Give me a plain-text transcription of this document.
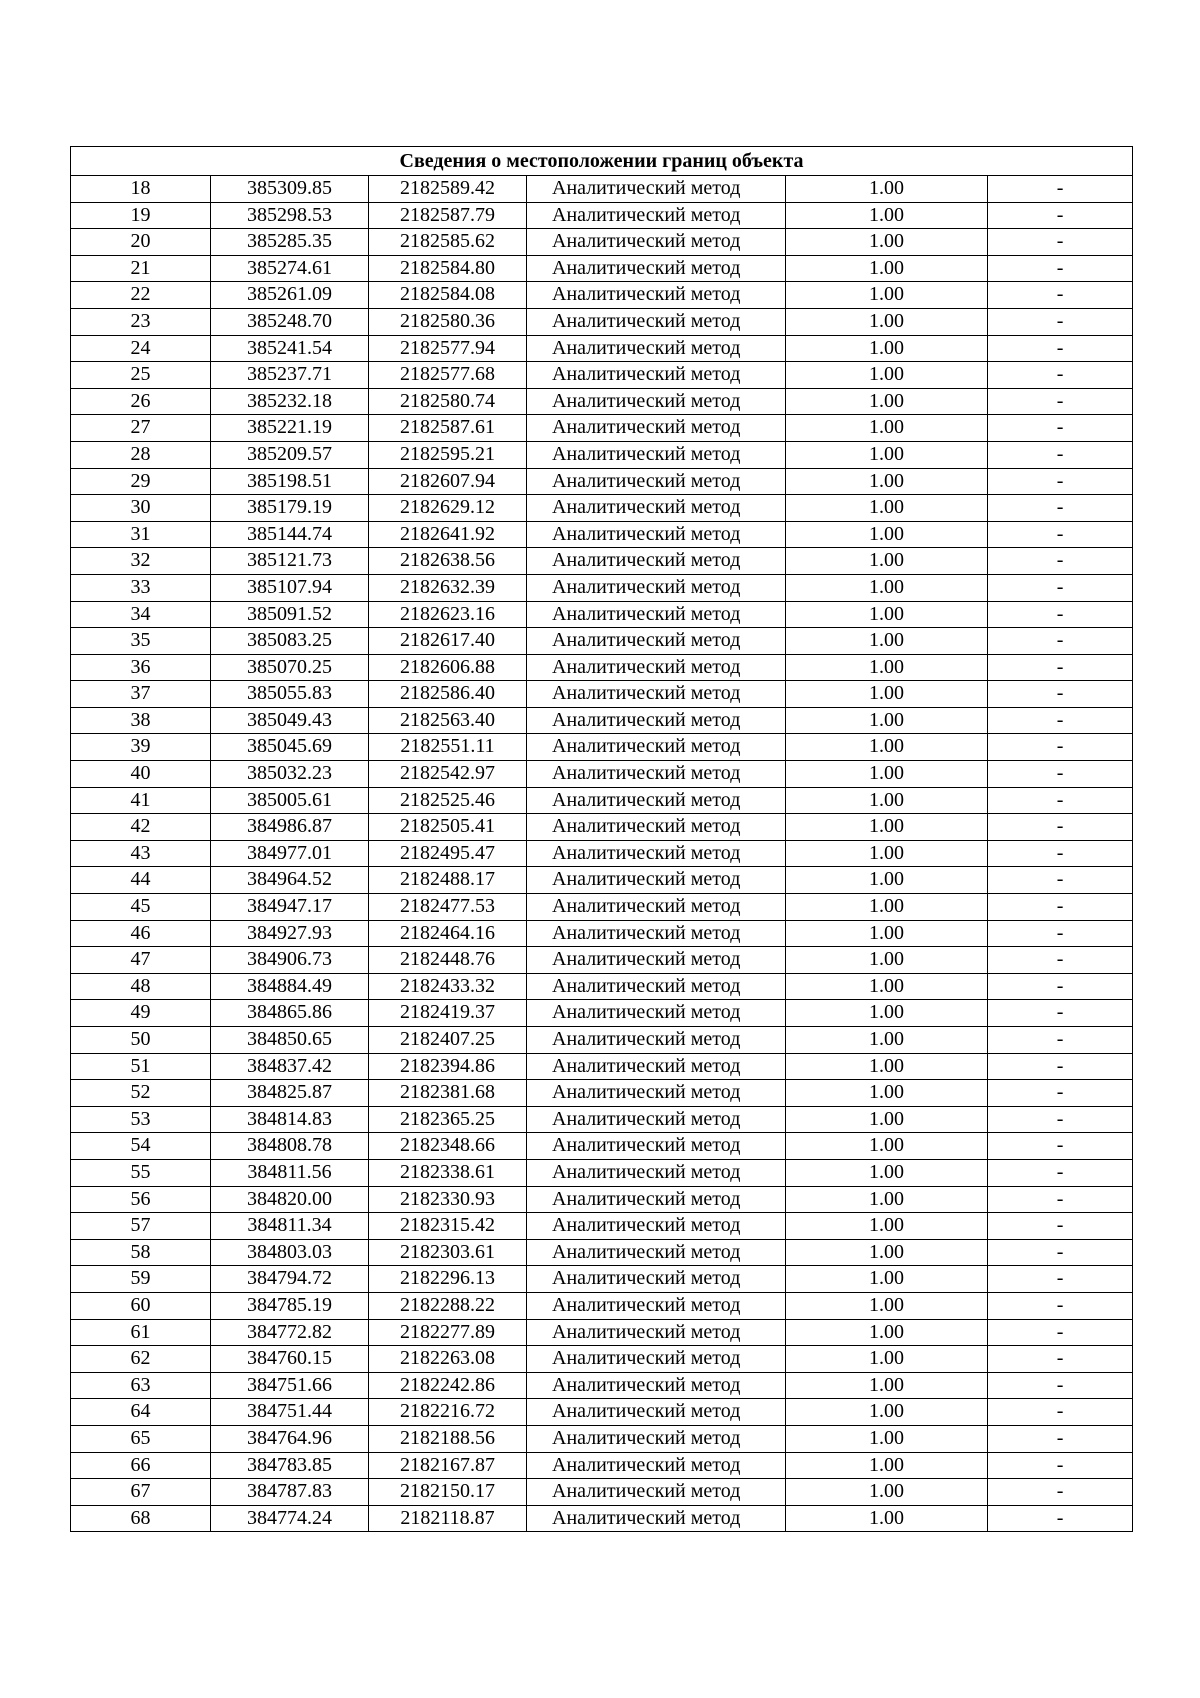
Сведения о местоположении границ объекта					
18	385309.85	2182589.42	Аналитический метод	1.00	-
19	385298.53	2182587.79	Аналитический метод	1.00	-
20	385285.35	2182585.62	Аналитический метод	1.00	-
21	385274.61	2182584.80	Аналитический метод	1.00	-
22	385261.09	2182584.08	Аналитический метод	1.00	-
23	385248.70	2182580.36	Аналитический метод	1.00	-
24	385241.54	2182577.94	Аналитический метод	1.00	-
25	385237.71	2182577.68	Аналитический метод	1.00	-
26	385232.18	2182580.74	Аналитический метод	1.00	-
27	385221.19	2182587.61	Аналитический метод	1.00	-
28	385209.57	2182595.21	Аналитический метод	1.00	-
29	385198.51	2182607.94	Аналитический метод	1.00	-
30	385179.19	2182629.12	Аналитический метод	1.00	-
31	385144.74	2182641.92	Аналитический метод	1.00	-
32	385121.73	2182638.56	Аналитический метод	1.00	-
33	385107.94	2182632.39	Аналитический метод	1.00	-
34	385091.52	2182623.16	Аналитический метод	1.00	-
35	385083.25	2182617.40	Аналитический метод	1.00	-
36	385070.25	2182606.88	Аналитический метод	1.00	-
37	385055.83	2182586.40	Аналитический метод	1.00	-
38	385049.43	2182563.40	Аналитический метод	1.00	-
39	385045.69	2182551.11	Аналитический метод	1.00	-
40	385032.23	2182542.97	Аналитический метод	1.00	-
41	385005.61	2182525.46	Аналитический метод	1.00	-
42	384986.87	2182505.41	Аналитический метод	1.00	-
43	384977.01	2182495.47	Аналитический метод	1.00	-
44	384964.52	2182488.17	Аналитический метод	1.00	-
45	384947.17	2182477.53	Аналитический метод	1.00	-
46	384927.93	2182464.16	Аналитический метод	1.00	-
47	384906.73	2182448.76	Аналитический метод	1.00	-
48	384884.49	2182433.32	Аналитический метод	1.00	-
49	384865.86	2182419.37	Аналитический метод	1.00	-
50	384850.65	2182407.25	Аналитический метод	1.00	-
51	384837.42	2182394.86	Аналитический метод	1.00	-
52	384825.87	2182381.68	Аналитический метод	1.00	-
53	384814.83	2182365.25	Аналитический метод	1.00	-
54	384808.78	2182348.66	Аналитический метод	1.00	-
55	384811.56	2182338.61	Аналитический метод	1.00	-
56	384820.00	2182330.93	Аналитический метод	1.00	-
57	384811.34	2182315.42	Аналитический метод	1.00	-
58	384803.03	2182303.61	Аналитический метод	1.00	-
59	384794.72	2182296.13	Аналитический метод	1.00	-
60	384785.19	2182288.22	Аналитический метод	1.00	-
61	384772.82	2182277.89	Аналитический метод	1.00	-
62	384760.15	2182263.08	Аналитический метод	1.00	-
63	384751.66	2182242.86	Аналитический метод	1.00	-
64	384751.44	2182216.72	Аналитический метод	1.00	-
65	384764.96	2182188.56	Аналитический метод	1.00	-
66	384783.85	2182167.87	Аналитический метод	1.00	-
67	384787.83	2182150.17	Аналитический метод	1.00	-
68	384774.24	2182118.87	Аналитический метод	1.00	-
